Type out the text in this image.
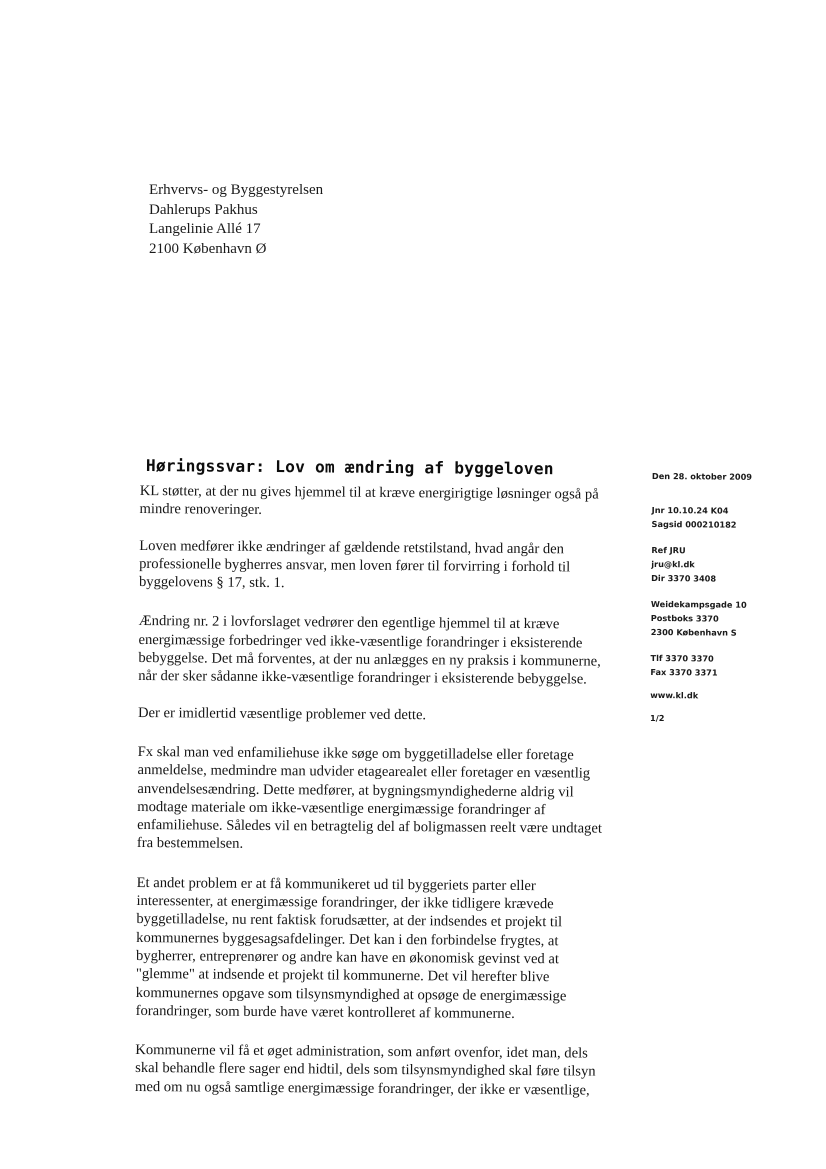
Erhvervs- og Byggestyrelsen
Dahlerups Pakhus
Langelinie Allé 17
2100 København Ø
Høringssvar: Lov om ændring af byggeloven
KL støtter, at der nu gives hjemmel til at kræve energirigtige løsninger også på
mindre renoveringer.
Loven medfører ikke ændringer af gældende retstilstand, hvad angår den
professionelle bygherres ansvar, men loven fører til forvirring i forhold til
byggelovens § 17, stk. 1.
Ændring nr. 2 i lovforslaget vedrører den egentlige hjemmel til at kræve
energimæssige forbedringer ved ikke-væsentlige forandringer i eksisterende
bebyggelse. Det må forventes, at der nu anlægges en ny praksis i kommunerne,
når der sker sådanne ikke-væsentlige forandringer i eksisterende bebyggelse.
Der er imidlertid væsentlige problemer ved dette.
Fx skal man ved enfamiliehuse ikke søge om byggetilladelse eller foretage
anmeldelse, medmindre man udvider etagearealet eller foretager en væsentlig
anvendelsesændring. Dette medfører, at bygningsmyndighederne aldrig vil
modtage materiale om ikke-væsentlige energimæssige forandringer af
enfamiliehuse. Således vil en betragtelig del af boligmassen reelt være undtaget
fra bestemmelsen.
Et andet problem er at få kommunikeret ud til byggeriets parter eller
interessenter, at energimæssige forandringer, der ikke tidligere krævede
byggetilladelse, nu rent faktisk forudsætter, at der indsendes et projekt til
kommunernes byggesagsafdelinger. Det kan i den forbindelse frygtes, at
bygherrer, entreprenører og andre kan have en økonomisk gevinst ved at
"glemme" at indsende et projekt til kommunerne. Det vil herefter blive
kommunernes opgave som tilsynsmyndighed at opsøge de energimæssige
forandringer, som burde have været kontrolleret af kommunerne.
Kommunerne vil få et øget administration, som anført ovenfor, idet man, dels
skal behandle flere sager end hidtil, dels som tilsynsmyndighed skal føre tilsyn
med om nu også samtlige energimæssige forandringer, der ikke er væsentlige,
Den 28. oktober 2009
Jnr 10.10.24 K04
Sagsid 000210182
Ref JRU
jru@kl.dk
Dir 3370 3408
Weidekampsgade 10
Postboks 3370
2300 København S
Tlf 3370 3370
Fax 3370 3371
www.kl.dk
1/2
